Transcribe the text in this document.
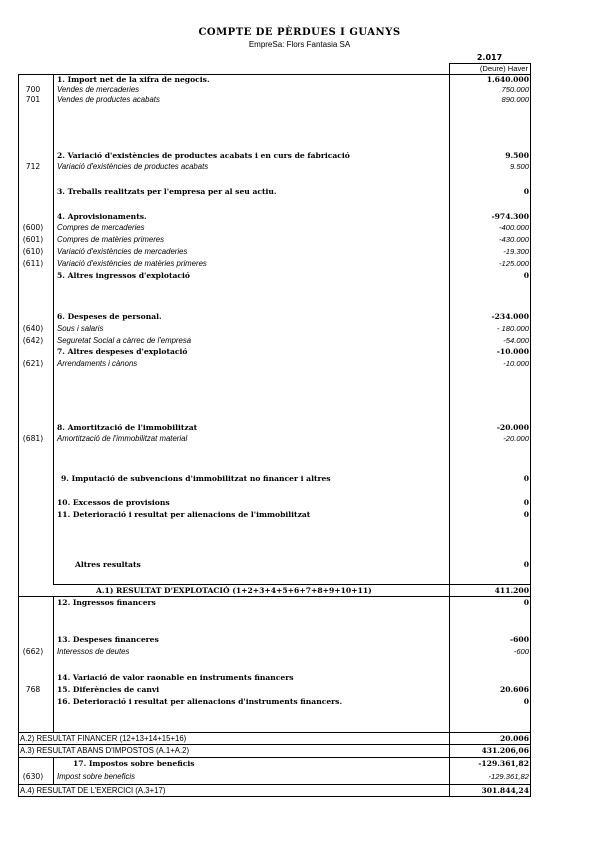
COMPTE DE PÈRDUES I GUANYS
EmpreSa: Flors Fantasia SA
2.017
(Deure) Haver
1. Import net de la xifra de negocis.	1.640.000
700	Vendes de mercaderies	750.000
701	Vendes de productes acabats	890.000
2. Variació d'existències de productes acabats i en curs de fabricació	9.500
712	Variació d'existències de productes acabats	9.500
3. Treballs realitzats per l'empresa per al seu actiu.	0
4. Aprovisionaments.	-974.300
(600)	Compres de mercaderies	-400.000
(601)	Compres de matèries primeres	-430.000
(610)	Variació d'existències de mercaderies	-19.300
(611)	Variació d'existències de matèries primeres	-125.000
5. Altres ingressos d'explotació	0
6. Despeses de personal.	-234.000
(640)	Sous i salaris	- 180.000
(642)	Seguretat Social a càrrec de l'empresa	-54.000
7. Altres despeses d'explotació	-10.000
(621)	Arrendaments i cànons	-10.000
8. Amortització de l'immobilitzat	-20.000
(681)	Amortització de l'immobilitzat material	-20.000
9. Imputació de subvencions d'immobilitzat no financer i altres	0
10. Excessos de provisions	0
11. Deterioració i resultat per alienacions de l'immobilitzat	0
Altres resultats	0
A.1) RESULTAT D'EXPLOTACIÓ (1+2+3+4+5+6+7+8+9+10+11)	411.200
12. Ingressos financers	0
13. Despeses financeres	-600
(662)	Interessos de deutes	-600
14. Variació de valor raonable en instruments financers
768	15. Diferències de canvi	20.606
16. Deterioració i resultat per alienacions d'instruments financers.	0
A.2) RESULTAT FINANCER (12+13+14+15+16)	20.006
A.3) RESULTAT ABANS D'IMPOSTOS (A.1+A.2)	431.206,06
17. Impostos sobre beneficis	-129.361,82
(630)	Impost sobre beneficis	-129.361,82
A.4) RESULTAT DE L'EXERCICI (A.3+17)	301.844,24
